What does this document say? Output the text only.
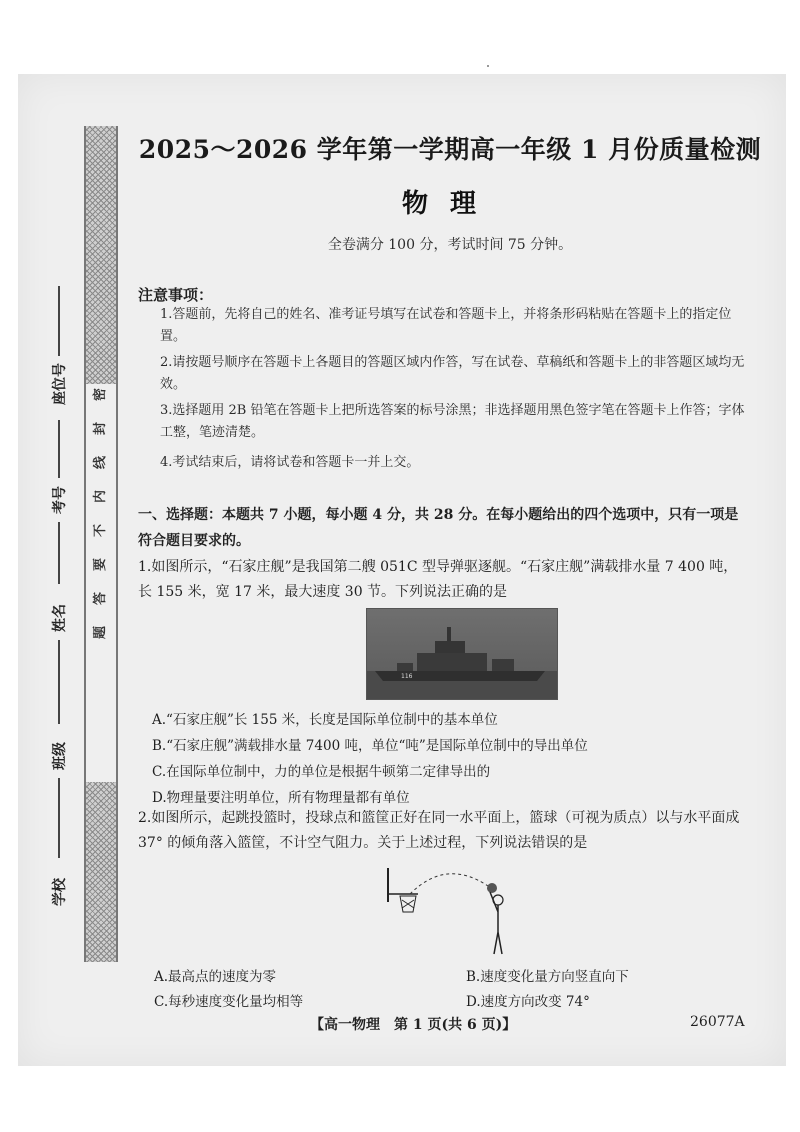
密
封
线
内
不
要
答
题
座位号
考号
姓名
班级
学校
2025～2026 学年第一学期高一年级 1 月份质量检测
物理
全卷满分 100 分，考试时间 75 分钟。
注意事项：
1.答题前，先将自己的姓名、准考证号填写在试卷和答题卡上，并将条形码粘贴在答题卡上的指定位置。
2.请按题号顺序在答题卡上各题目的答题区域内作答，写在试卷、草稿纸和答题卡上的非答题区域均无效。
3.选择题用 2B 铅笔在答题卡上把所选答案的标号涂黑；非选择题用黑色签字笔在答题卡上作答；字体工整，笔迹清楚。
4.考试结束后，请将试卷和答题卡一并上交。
一、选择题：本题共 7 小题，每小题 4 分，共 28 分。在每小题给出的四个选项中，只有一项是符合题目要求的。
1.如图所示，“石家庄舰”是我国第二艘 051C 型导弹驱逐舰。“石家庄舰”满载排水量 7 400 吨，长 155 米，宽 17 米，最大速度 30 节。下列说法正确的是
116
A.“石家庄舰”长 155 米，长度是国际单位制中的基本单位
B.“石家庄舰”满载排水量 7400 吨，单位“吨”是国际单位制中的导出单位
C.在国际单位制中，力的单位是根据牛顿第二定律导出的
D.物理量要注明单位，所有物理量都有单位
2.如图所示，起跳投篮时，投球点和篮筐正好在同一水平面上，篮球（可视为质点）以与水平面成 37° 的倾角落入篮筐，不计空气阻力。关于上述过程，下列说法错误的是
A.最高点的速度为零	B.速度变化量方向竖直向下
C.每秒速度变化量均相等	D.速度方向改变 74°
【高一物理　第 1 页(共 6 页)】	26077A
